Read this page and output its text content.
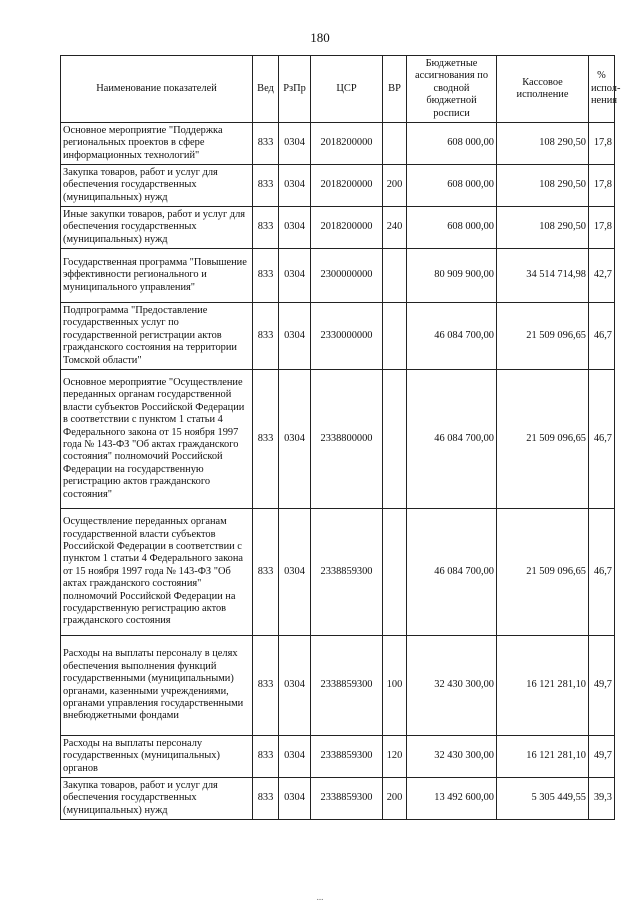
180
Наименование показателей	Вед	РзПр	ЦСР	ВР	Бюджетные ассигнования по сводной бюджетной росписи	Кассовое исполнение	% испол-нения
Основное мероприятие "Поддержка региональных проектов в сфере информационных технологий"	833	0304	2018200000		608 000,00	108 290,50	17,8
Закупка товаров, работ и услуг для обеспечения государственных (муниципальных) нужд	833	0304	2018200000	200	608 000,00	108 290,50	17,8
Иные закупки товаров, работ и услуг для обеспечения государственных (муниципальных) нужд	833	0304	2018200000	240	608 000,00	108 290,50	17,8
Государственная программа "Повышение эффективности регионального и муниципального управления"	833	0304	2300000000		80 909 900,00	34 514 714,98	42,7
Подпрограмма "Предоставление государственных услуг по государственной регистрации актов гражданского состояния на территории Томской области"	833	0304	2330000000		46 084 700,00	21 509 096,65	46,7
Основное мероприятие "Осуществление переданных органам государственной власти субъектов Российской Федерации в соответствии с пунктом 1 статьи 4 Федерального закона от 15 ноября 1997 года № 143-ФЗ "Об актах гражданского состояния" полномочий Российской Федерации на государственную регистрацию актов гражданского состояния"	833	0304	2338800000		46 084 700,00	21 509 096,65	46,7
Осуществление переданных органам государственной власти субъектов Российской Федерации в соответствии с пунктом 1 статьи 4 Федерального закона от 15 ноября 1997 года № 143-ФЗ "Об актах гражданского состояния" полномочий Российской Федерации на государственную регистрацию актов гражданского состояния	833	0304	2338859300		46 084 700,00	21 509 096,65	46,7
Расходы на выплаты персоналу в целях обеспечения выполнения функций государственными (муниципальными) органами, казенными учреждениями, органами управления государственными внебюджетными фондами	833	0304	2338859300	100	32 430 300,00	16 121 281,10	49,7
Расходы на выплаты персоналу государственных (муниципальных) органов	833	0304	2338859300	120	32 430 300,00	16 121 281,10	49,7
Закупка товаров, работ и услуг для обеспечения государственных (муниципальных) нужд	833	0304	2338859300	200	13 492 600,00	5 305 449,55	39,3
...
